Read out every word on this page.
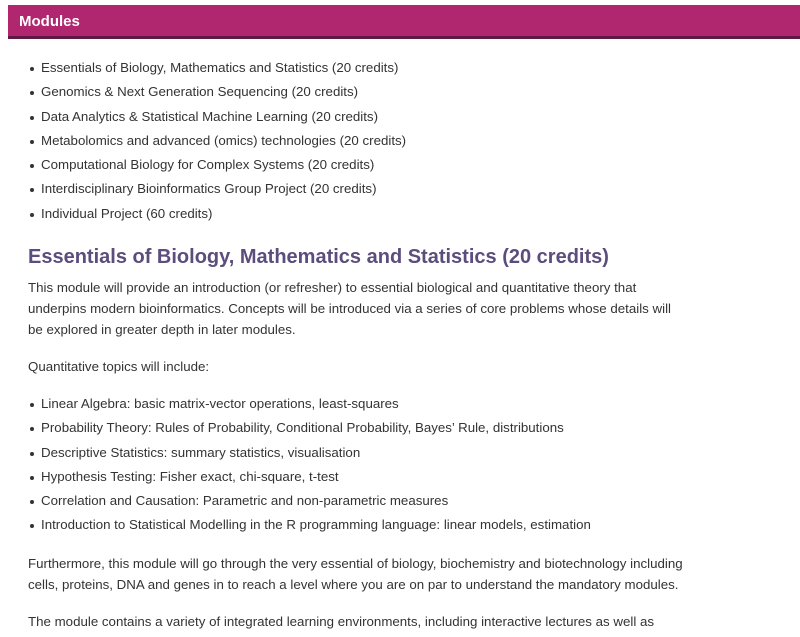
Modules
Essentials of Biology, Mathematics and Statistics (20 credits)
Genomics & Next Generation Sequencing (20 credits)
Data Analytics & Statistical Machine Learning (20 credits)
Metabolomics and advanced (omics) technologies (20 credits)
Computational Biology for Complex Systems (20 credits)
Interdisciplinary Bioinformatics Group Project (20 credits)
Individual Project (60 credits)
Essentials of Biology, Mathematics and Statistics (20 credits)

This module will provide an introduction (or refresher) to essential biological and quantitative theory that underpins modern bioinformatics. Concepts will be introduced via a series of core problems whose details will be explored in greater depth in later modules.

Quantitative topics will include:

Linear Algebra: basic matrix-vector operations, least-squares
Probability Theory: Rules of Probability, Conditional Probability, Bayes’ Rule, distributions
Descriptive Statistics: summary statistics, visualisation
Hypothesis Testing: Fisher exact, chi-square, t-test
Correlation and Causation: Parametric and non-parametric measures
Introduction to Statistical Modelling in the R programming language: linear models, estimation

Furthermore, this module will go through the very essential of biology, biochemistry and biotechnology including cells, proteins, DNA and genes in to reach a level where you are on par to understand the mandatory modules.

The module contains a variety of integrated learning environments, including interactive lectures as well as
